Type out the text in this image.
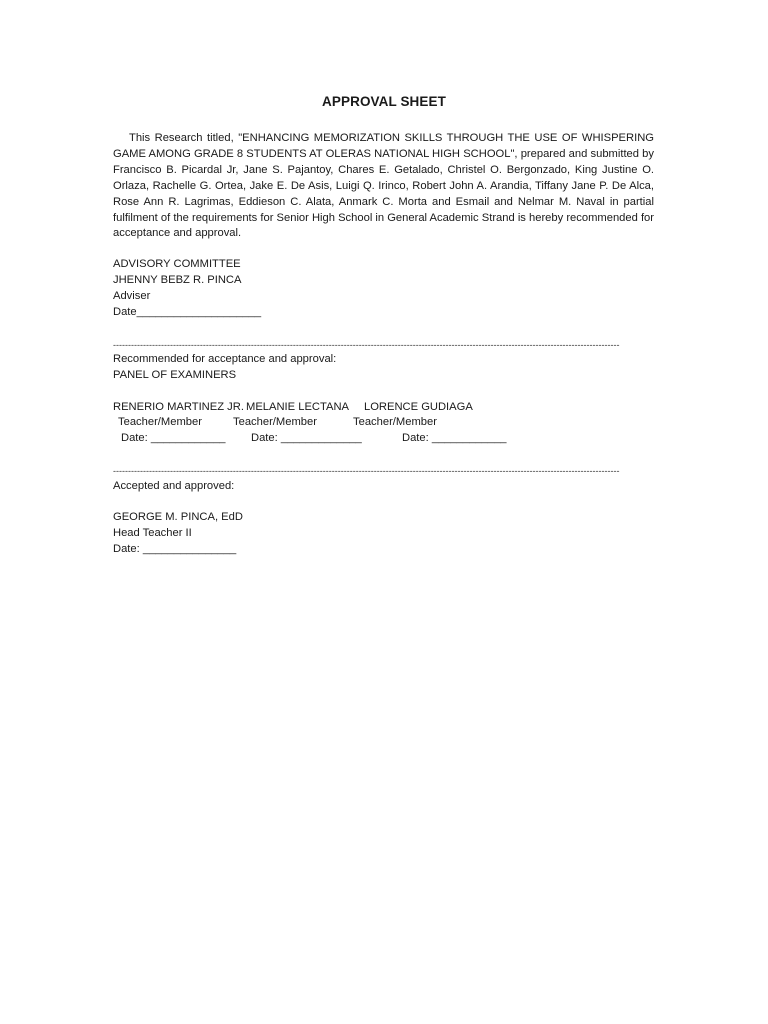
APPROVAL SHEET

This Research titled, "ENHANCING MEMORIZATION SKILLS THROUGH THE USE OF WHISPERING GAME AMONG GRADE 8 STUDENTS AT OLERAS NATIONAL HIGH SCHOOL", prepared and submitted by Francisco B. Picardal Jr, Jane S. Pajantoy, Chares E. Getalado, Christel O. Bergonzado, King Justine O. Orlaza, Rachelle G. Ortea, Jake E. De Asis, Luigi Q. Irinco, Robert John A. Arandia, Tiffany Jane P. De Alca, Rose Ann R. Lagrimas, Eddieson C. Alata, Anmark C. Morta and Esmail and Nelmar M. Naval in partial fulfilment of the requirements for Senior High School in General Academic Strand is hereby recommended for acceptance and approval.

ADVISORY COMMITTEE
JHENNY BEBZ R. PINCA
Adviser
Date____________________
-------------------------------------------------------------------------------------------------------------------------------------------------------------------------
Recommended for acceptance and approval:
PANEL OF EXAMINERS
RENERIO MARTINEZ JR.
Teacher/Member
Date: ____________
MELANIE LECTANA
Teacher/Member
Date: _____________
LORENCE GUDIAGA
Teacher/Member
Date: ____________
-------------------------------------------------------------------------------------------------------------------------------------------------------------------------
Accepted and approved:
GEORGE M. PINCA, EdD
Head Teacher II
Date: _______________
